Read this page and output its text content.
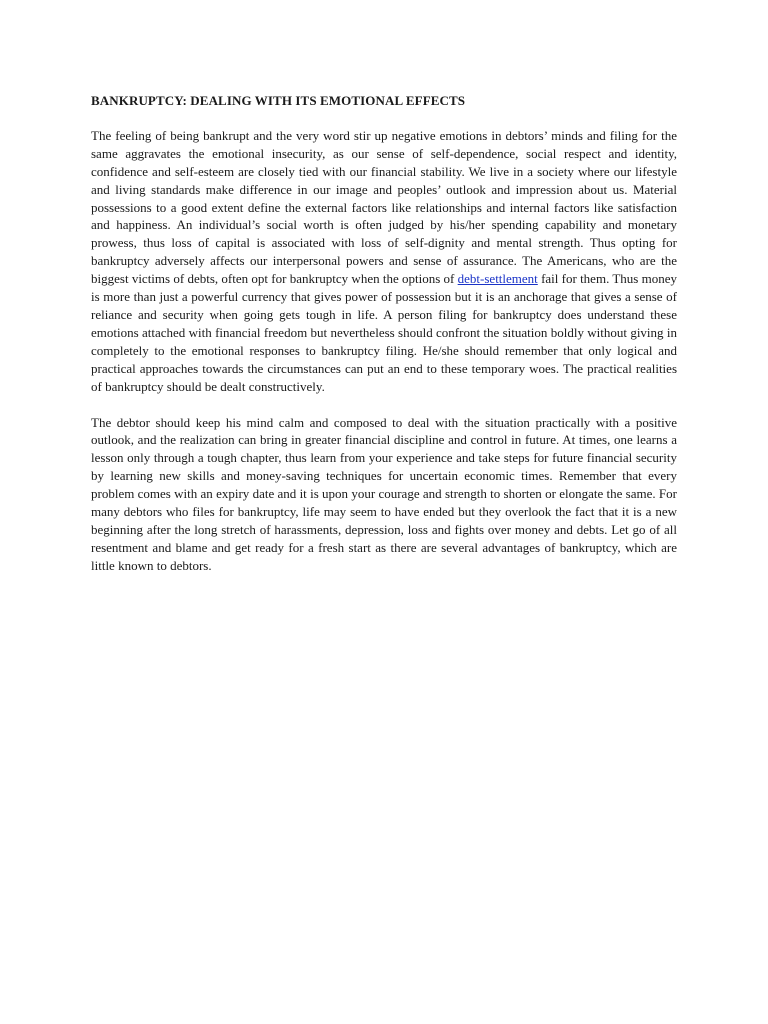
BANKRUPTCY: DEALING WITH ITS EMOTIONAL EFFECTS

The feeling of being bankrupt and the very word stir up negative emotions in debtors’ minds and filing for the same aggravates the emotional insecurity, as our sense of self-dependence, social respect and identity, confidence and self-esteem are closely tied with our financial stability. We live in a society where our lifestyle and living standards make difference in our image and peoples’ outlook and impression about us. Material possessions to a good extent define the external factors like relationships and internal factors like satisfaction and happiness. An individual’s social worth is often judged by his/her spending capability and monetary prowess, thus loss of capital is associated with loss of self-dignity and mental strength. Thus opting for bankruptcy adversely affects our interpersonal powers and sense of assurance. The Americans, who are the biggest victims of debts, often opt for bankruptcy when the options of debt-settlement fail for them. Thus money is more than just a powerful currency that gives power of possession but it is an anchorage that gives a sense of reliance and security when going gets tough in life. A person filing for bankruptcy does understand these emotions attached with financial freedom but nevertheless should confront the situation boldly without giving in completely to the emotional responses to bankruptcy filing. He/she should remember that only logical and practical approaches towards the circumstances can put an end to these temporary woes. The practical realities of bankruptcy should be dealt constructively.

The debtor should keep his mind calm and composed to deal with the situation practically with a positive outlook, and the realization can bring in greater financial discipline and control in future. At times, one learns a lesson only through a tough chapter, thus learn from your experience and take steps for future financial security by learning new skills and money-saving techniques for uncertain economic times. Remember that every problem comes with an expiry date and it is upon your courage and strength to shorten or elongate the same. For many debtors who files for bankruptcy, life may seem to have ended but they overlook the fact that it is a new beginning after the long stretch of harassments, depression, loss and fights over money and debts. Let go of all resentment and blame and get ready for a fresh start as there are several advantages of bankruptcy, which are little known to debtors.
